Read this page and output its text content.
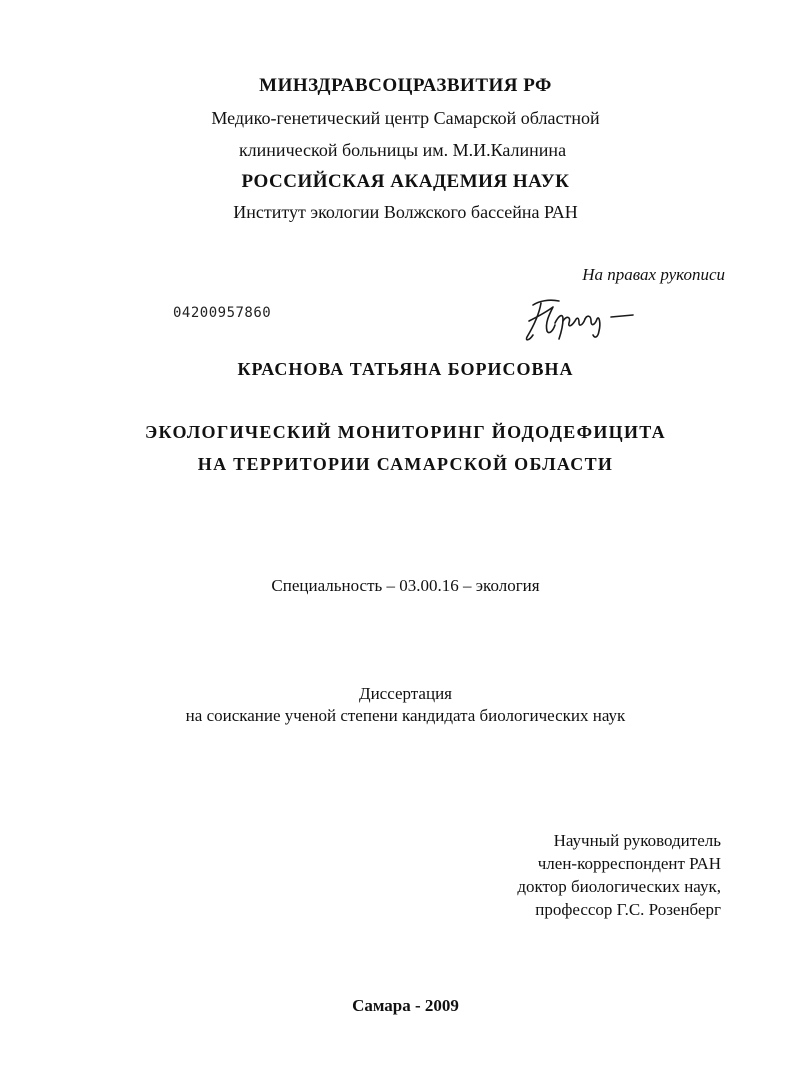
МИНЗДРАВСОЦРАЗВИТИЯ РФ
Медико-генетический центр Самарской областной
клинической больницы им. М.И.Калинина
РОССИЙСКАЯ АКАДЕМИЯ НАУК
Институт экологии Волжского бассейна РАН
На правах рукописи
04200957860
КРАСНОВА ТАТЬЯНА БОРИСОВНА
ЭКОЛОГИЧЕСКИЙ МОНИТОРИНГ ЙОДОДЕФИЦИТА
НА ТЕРРИТОРИИ САМАРСКОЙ ОБЛАСТИ
Специальность – 03.00.16 – экология
Диссертация
на соискание ученой степени кандидата биологических наук
Научный руководитель
член-корреспондент РАН
доктор биологических наук,
профессор Г.С. Розенберг
Самара - 2009
